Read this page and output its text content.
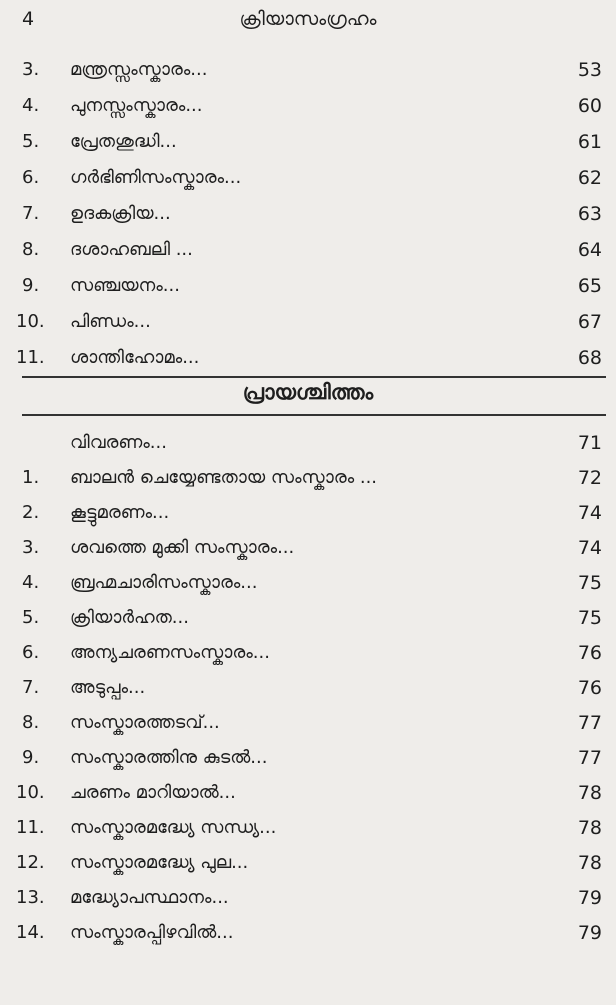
4	ക്രിയാസംഗ്രഹം
3. മന്ത്രസ്സംസ്കാരം...	53
4. പുനസ്സംസ്കാരം...	60
5. പ്രേതശുദ്ധി...	61
6. ഗർഭിണിസംസ്കാരം...	62
7. ഉദകക്രിയ...	63
8. ദശാഹബലി ...	64
9. സഞ്ചയനം...	65
10. പിണ്ഡം...	67
11. ശാന്തിഹോമം...	68
പ്രായശ്ചിത്തം
വിവരണം...	71
1. ബാലൻ ചെയ്യേണ്ടതായ സംസ്കാരം ...	72
2. കൂട്ടുമരണം...	74
3. ശവത്തെ മുക്കി സംസ്കാരം...	74
4. ബ്രഹ്മചാരിസംസ്കാരം...	75
5. ക്രിയാർഹത...	75
6. അന്യചരണസംസ്കാരം...	76
7. അടുപ്പം...	76
8. സംസ്കാരത്തടവ്...	77
9. സംസ്കാരത്തിനു കുടൽ...	77
10. ചരണം മാറിയാൽ...	78
11. സംസ്കാരമദ്ധ്യേ സന്ധ്യ...	78
12. സംസ്കാരമദ്ധ്യേ പുല...	78
13. മദ്ധ്യോപസ്ഥാനം...	79
14. സംസ്കാരപ്പിഴവിൽ...	79
